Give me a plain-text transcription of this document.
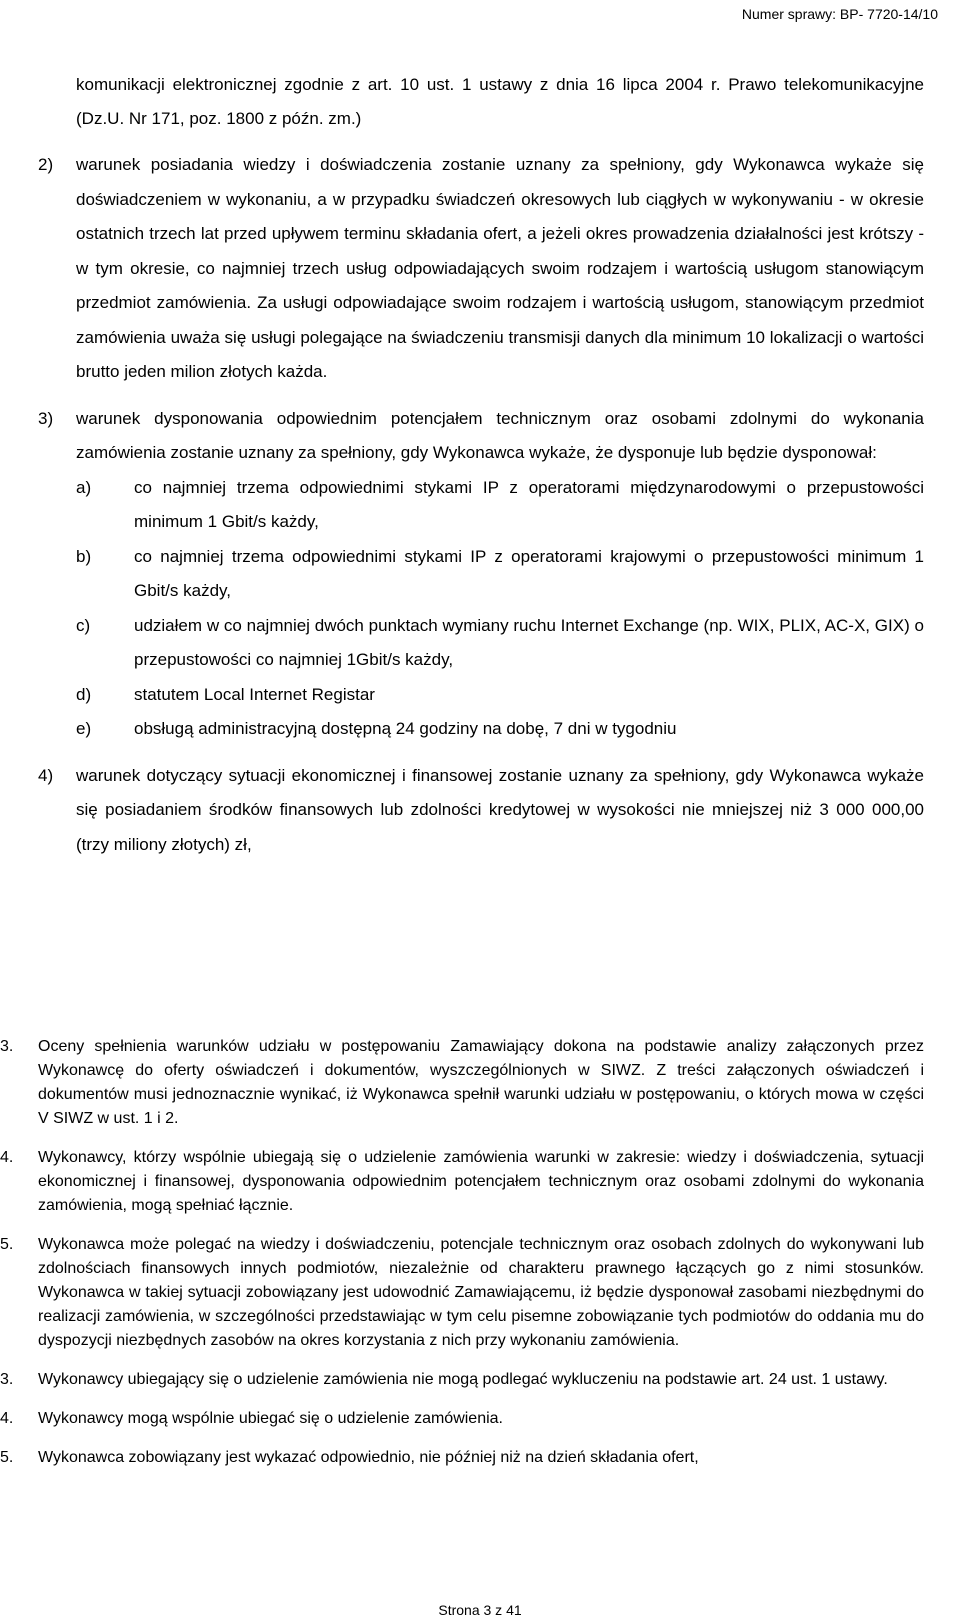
Numer sprawy: BP- 7720-14/10

komunikacji elektronicznej zgodnie z art. 10 ust. 1 ustawy z dnia 16 lipca 2004 r. Prawo telekomunikacyjne (Dz.U. Nr 171, poz. 1800 z późn. zm.)

2)	warunek posiadania wiedzy i doświadczenia zostanie uznany za spełniony, gdy Wykonawca wykaże się doświadczeniem w wykonaniu, a w przypadku świadczeń okresowych lub ciągłych w wykonywaniu - w okresie ostatnich trzech lat przed upływem terminu składania ofert, a jeżeli okres prowadzenia działalności jest krótszy - w tym okresie, co najmniej trzech usług odpowiadających swoim rodzajem i wartością usługom stanowiącym przedmiot zamówienia. Za usługi odpowiadające swoim rodzajem i wartością usługom, stanowiącym przedmiot zamówienia uważa się usługi polegające na świadczeniu transmisji danych dla minimum 10 lokalizacji o wartości brutto jeden milion złotych każda.
3)	warunek dysponowania odpowiednim potencjałem technicznym oraz osobami zdolnymi do wykonania zamówienia zostanie uznany za spełniony, gdy Wykonawca wykaże, że dysponuje lub będzie dysponował:
a)	co najmniej trzema odpowiednimi stykami IP z operatorami międzynarodowymi o przepustowości minimum 1 Gbit/s każdy,
b)	co najmniej trzema odpowiednimi stykami IP z operatorami krajowymi o przepustowości minimum 1 Gbit/s każdy,
c)	udziałem w co najmniej dwóch punktach wymiany ruchu Internet Exchange (np. WIX, PLIX, AC-X, GIX) o przepustowości co najmniej 1Gbit/s każdy,
d)	statutem Local Internet Registar
e)	obsługą administracyjną dostępną 24 godziny na dobę, 7 dni w tygodniu
4)	warunek dotyczący sytuacji ekonomicznej i finansowej zostanie uznany za spełniony, gdy Wykonawca wykaże się posiadaniem środków finansowych lub zdolności kredytowej w wysokości nie mniejszej niż 3 000 000,00 (trzy miliony złotych) zł,
3.	Oceny spełnienia warunków udziału w postępowaniu Zamawiający dokona na podstawie analizy załączonych przez Wykonawcę do oferty oświadczeń i dokumentów, wyszczególnionych w SIWZ. Z treści załączonych oświadczeń i dokumentów musi jednoznacznie wynikać, iż Wykonawca spełnił warunki udziału w postępowaniu, o których mowa w części V SIWZ w ust. 1 i 2.
4.	Wykonawcy, którzy wspólnie ubiegają się o udzielenie zamówienia warunki w zakresie: wiedzy i doświadczenia, sytuacji ekonomicznej i finansowej, dysponowania odpowiednim potencjałem technicznym oraz osobami zdolnymi do wykonania zamówienia, mogą spełniać łącznie.
5.	Wykonawca może polegać na wiedzy i doświadczeniu, potencjale technicznym oraz osobach zdolnych do wykonywani lub zdolnościach finansowych innych podmiotów, niezależnie od charakteru prawnego łączących go z nimi stosunków. Wykonawca w takiej sytuacji zobowiązany jest udowodnić Zamawiającemu, iż będzie dysponował zasobami niezbędnymi do realizacji zamówienia, w szczególności przedstawiając w tym celu pisemne zobowiązanie tych podmiotów do oddania mu do dyspozycji niezbędnych zasobów na okres korzystania z nich przy wykonaniu zamówienia.
3.	Wykonawcy ubiegający się o udzielenie zamówienia nie mogą podlegać wykluczeniu na podstawie art. 24 ust. 1 ustawy.
4.	Wykonawcy mogą wspólnie ubiegać się o udzielenie zamówienia.
5.	Wykonawca zobowiązany jest wykazać odpowiednio, nie później niż na dzień składania ofert,
Strona 3 z 41
